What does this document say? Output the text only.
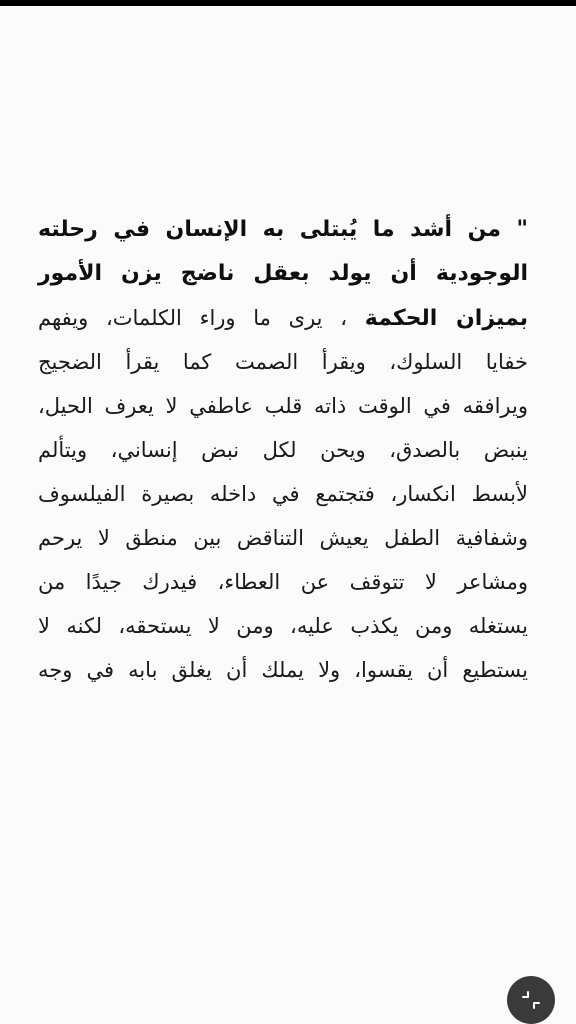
" من أشد ما يُبتلى به الإنسان في رحلته
الوجودية أن يولد بعقل ناضج يزن الأمور
بميزان الحكمة ، يرى ما وراء الكلمات، ويفهم
خفايا السلوك، ويقرأ الصمت كما يقرأ الضجيج
ويرافقه في الوقت ذاته قلب عاطفي لا يعرف الحيل،
ينبض بالصدق، ويحن لكل نبض إنساني، ويتألم
لأبسط انكسار، فتجتمع في داخله بصيرة الفيلسوف
وشفافية الطفل يعيش التناقض بين منطق لا يرحم
ومشاعر لا تتوقف عن العطاء، فيدرك جيدًا من
يستغله ومن يكذب عليه، ومن لا يستحقه، لكنه لا
يستطيع أن يقسوا، ولا يملك أن يغلق بابه في وجه
